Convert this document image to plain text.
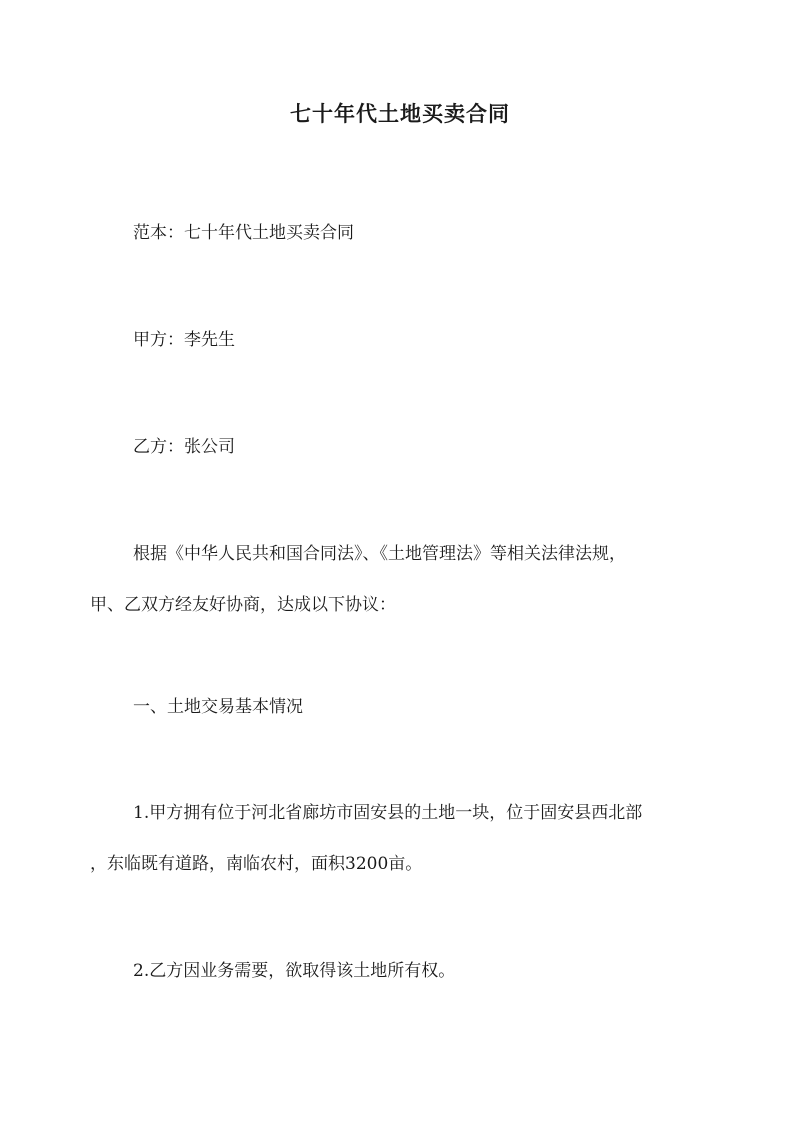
七十年代土地买卖合同
范本：七十年代土地买卖合同
甲方：李先生
乙方：张公司
根据《中华人民共和国合同法》、《土地管理法》等相关法律法规，
甲、乙双方经友好协商，达成以下协议：
一、土地交易基本情况
1.甲方拥有位于河北省廊坊市固安县的土地一块，位于固安县西北部
，东临既有道路，南临农村，面积3200亩。
2.乙方因业务需要，欲取得该土地所有权。
